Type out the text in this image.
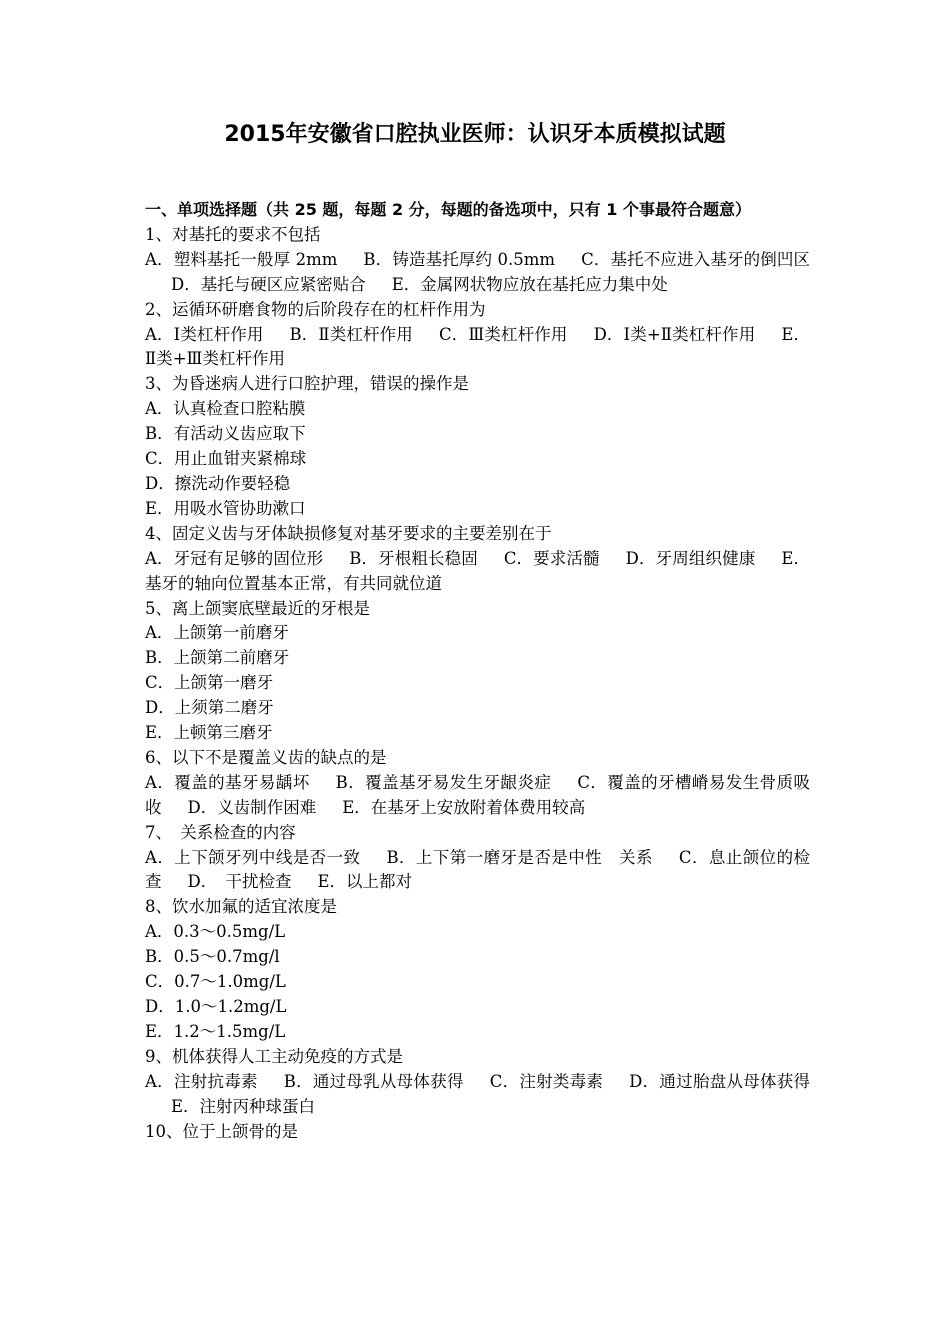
2015年安徽省口腔执业医师：认识牙本质模拟试题
一、单项选择题（共 25 题，每题 2 分，每题的备选项中，只有 1 个事最符合题意）
1、对基托的要求不包括
A．塑料基托一般厚 2mm B．铸造基托厚约 0.5mm C．基托不应进入基牙的倒凹区D．基托与硬区应紧密贴合 E．金属网状物应放在基托应力集中处
2、运循环研磨食物的后阶段存在的杠杆作用为
A．Ⅰ类杠杆作用 B．Ⅱ类杠杆作用 C．Ⅲ类杠杆作用 D．Ⅰ类+Ⅱ类杠杆作用 E．Ⅱ类+Ⅲ类杠杆作用
3、为昏迷病人进行口腔护理，错误的操作是
A．认真检查口腔粘膜
B．有活动义齿应取下
C．用止血钳夹紧棉球
D．擦洗动作要轻稳
E．用吸水管协助漱口
4、固定义齿与牙体缺损修复对基牙要求的主要差别在于
A．牙冠有足够的固位形 B．牙根粗长稳固 C．要求活髓 D．牙周组织健康 E．基牙的轴向位置基本正常，有共同就位道
5、离上颌窦底壁最近的牙根是
A．上颌第一前磨牙
B．上颌第二前磨牙
C．上颌第一磨牙
D．上须第二磨牙
E．上顿第三磨牙
6、以下不是覆盖义齿的缺点的是
A．覆盖的基牙易龋坏 B．覆盖基牙易发生牙龈炎症 C．覆盖的牙槽嵴易发生骨质吸收 D．义齿制作困难 E．在基牙上安放附着体费用较高
7、　关系检查的内容
A．上下颌牙列中线是否一致 B．上下第一磨牙是否是中性　关系 C．息止颌位的检查 D．　干扰检查 E．以上都对
8、饮水加氟的适宜浓度是
A．0.3～0.5mg/L
B．0.5～0.7mg/l
C．0.7～1.0mg/L
D．1.0～1.2mg/L
E．1.2～1.5mg/L
9、机体获得人工主动免疫的方式是
A．注射抗毒素 B．通过母乳从母体获得 C．注射类毒素 D．通过胎盘从母体获得E．注射丙种球蛋白
10、位于上颌骨的是
